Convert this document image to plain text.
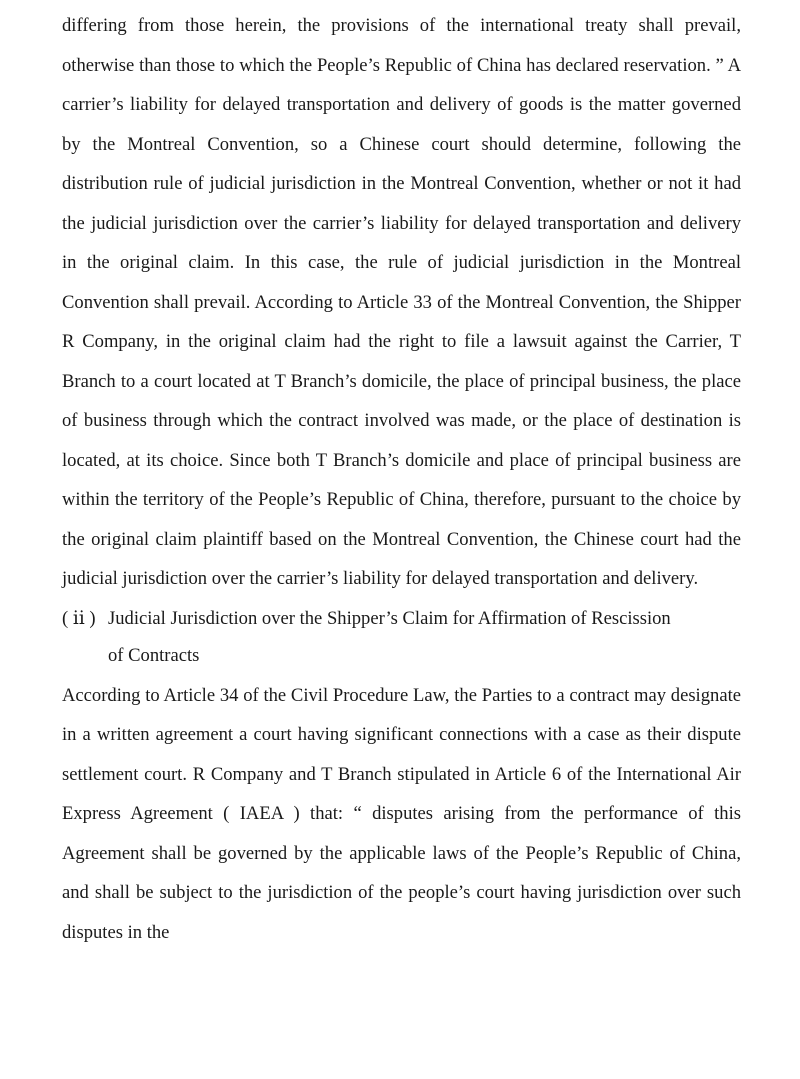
differing from those herein, the provisions of the international treaty shall prevail, otherwise than those to which the People’s Republic of China has declared reservation. ” A carrier’s liability for delayed transportation and delivery of goods is the matter governed by the Montreal Convention, so a Chinese court should determine, following the distribution rule of judicial jurisdiction in the Montreal Convention, whether or not it had the judicial jurisdiction over the carrier’s liability for delayed transportation and delivery in the original claim. In this case, the rule of judicial jurisdiction in the Montreal Convention shall prevail. According to Article 33 of the Montreal Convention, the Shipper R Company, in the original claim had the right to file a lawsuit against the Carrier, T Branch to a court located at T Branch’s domicile, the place of principal business, the place of business through which the contract involved was made, or the place of destination is located, at its choice. Since both T Branch’s domicile and place of principal business are within the territory of the People’s Republic of China, therefore, pursuant to the choice by the original claim plaintiff based on the Montreal Convention, the Chinese court had the judicial jurisdiction over the carrier’s liability for delayed transportation and delivery.

( ⅱ ) Judicial Jurisdiction over the Shipper’s Claim for Affirmation of Rescission
of Contracts

According to Article 34 of the Civil Procedure Law, the Parties to a contract may designate in a written agreement a court having significant connections with a case as their dispute settlement court. R Company and T Branch stipulated in Article 6 of the International Air Express Agreement ( IAEA ) that: “ disputes arising from the performance of this Agreement shall be governed by the applicable laws of the People’s Republic of China, and shall be subject to the jurisdiction of the people’s court having jurisdiction over such disputes in the
